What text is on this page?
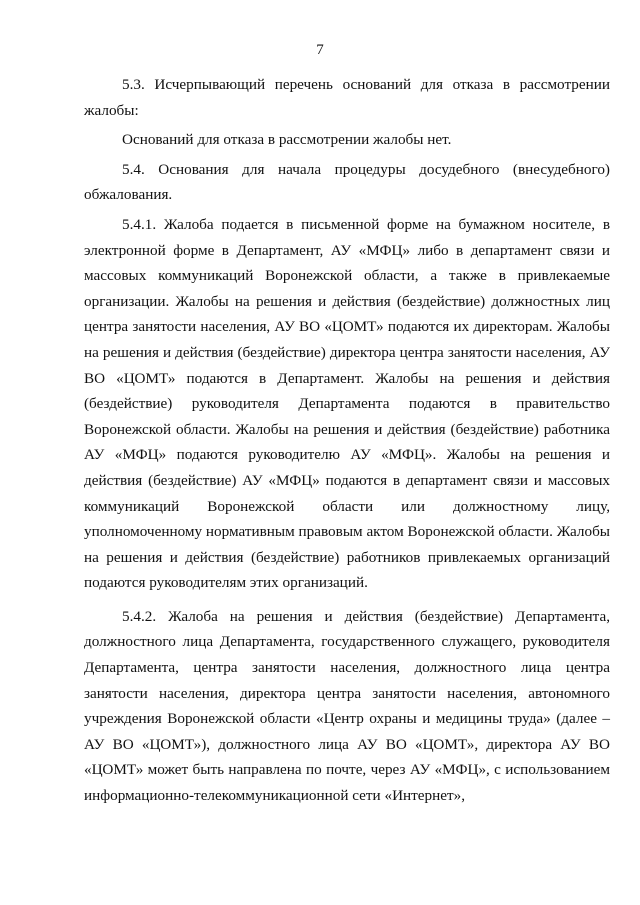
7

5.3. Исчерпывающий перечень оснований для отказа в рассмотрении жалобы:

Оснований для отказа в рассмотрении жалобы нет.

5.4. Основания для начала процедуры досудебного (внесудебного) обжалования.

5.4.1. Жалоба подается в письменной форме на бумажном носителе, в электронной форме в Департамент, АУ «МФЦ» либо в департамент связи и массовых коммуникаций Воронежской области, а также в привлекаемые организации. Жалобы на решения и действия (бездействие) должностных лиц центра занятости населения, АУ ВО «ЦОМТ» подаются их директорам. Жалобы на решения и действия (бездействие) директора центра занятости населения, АУ ВО «ЦОМТ» подаются в Департамент. Жалобы на решения и действия (бездействие) руководителя Департамента подаются в правительство Воронежской области. Жалобы на решения и действия (бездействие) работника АУ «МФЦ» подаются руководителю АУ «МФЦ». Жалобы на решения и действия (бездействие) АУ «МФЦ» подаются в департамент связи и массовых коммуникаций Воронежской области или должностному лицу, уполномоченному нормативным правовым актом Воронежской области. Жалобы на решения и действия (бездействие) работников привлекаемых организаций подаются руководителям этих организаций.

5.4.2. Жалоба на решения и действия (бездействие) Департамента, должностного лица Департамента, государственного служащего, руководителя Департамента, центра занятости населения, должностного лица центра занятости населения, директора центра занятости населения, автономного учреждения Воронежской области «Центр охраны и медицины труда» (далее – АУ ВО «ЦОМТ»), должностного лица АУ ВО «ЦОМТ», директора АУ ВО «ЦОМТ» может быть направлена по почте, через АУ «МФЦ», с использованием информационно-телекоммуникационной сети «Интернет»,
